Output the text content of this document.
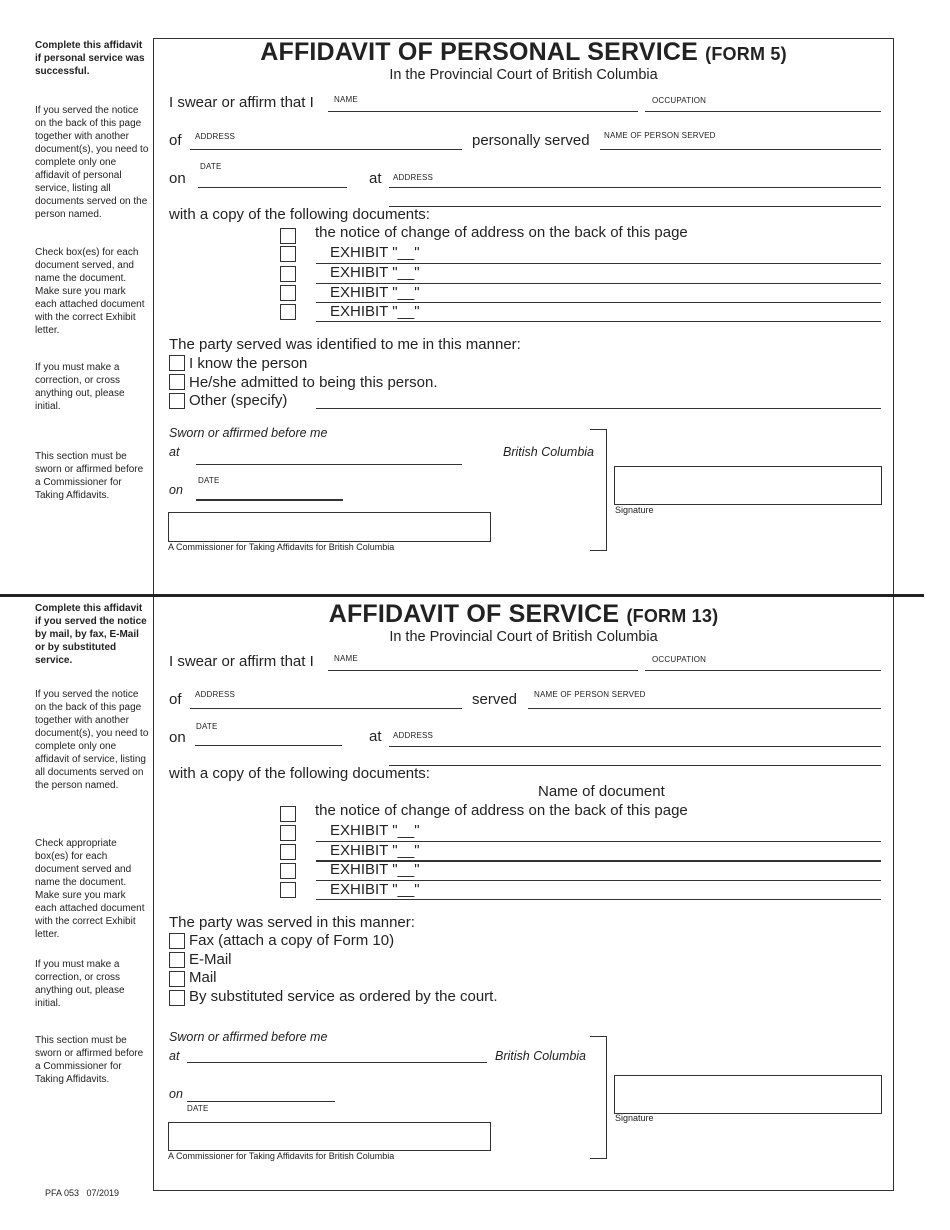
Complete this affidavit if personal service was successful.
If you served the notice on the back of this page together with another document(s), you need to complete only one affidavit of personal service, listing all documents served on the person named.
Check box(es) for each document served, and name the document. Make sure you mark each attached document with the correct Exhibit letter.
If you must make a correction, or cross anything out, please initial.
This section must be sworn or affirmed before a Commissioner for Taking Affidavits.
AFFIDAVIT OF PERSONAL SERVICE (FORM 5)
In the Provincial Court of British Columbia
I swear or affirm that I	NAME	OCCUPATION
of ADDRESS	personally served NAME OF PERSON SERVED
on
DATE
at ADDRESS
with a copy of the following documents:
the notice of change of address on the back of this page
EXHIBIT "__"
EXHIBIT "__"
EXHIBIT "__"
EXHIBIT "__"
The party served was identified to me in this manner:
I know the person
He/she admitted to being this person.
Other (specify)
Sworn or affirmed before me
at	British Columbia
on
DATE
A Commissioner for Taking Affidavits for British Columbia
Signature
Complete this affidavit if you served the notice by mail, by fax, E-Mail or by substituted service.
If you served the notice on the back of this page together with another document(s), you need to complete only one affidavit of service, listing all documents served on the person named.
Check appropriate box(es) for each document served and name the document. Make sure you mark each attached document with the correct Exhibit letter.
If you must make a correction, or cross anything out, please initial.
This section must be sworn or affirmed before a Commissioner for Taking Affidavits.
AFFIDAVIT OF SERVICE (FORM 13)
In the Provincial Court of British Columbia
I swear or affirm that I	NAME	OCCUPATION
of ADDRESS	served NAME OF PERSON SERVED
on
DATE
at ADDRESS
with a copy of the following documents:
Name of document
the notice of change of address on the back of this page
EXHIBIT "__"
EXHIBIT "__"
EXHIBIT "__"
EXHIBIT "__"
The party was served in this manner:
Fax (attach a copy of Form 10)
E-Mail
Mail
By substituted service as ordered by the court.
Sworn or affirmed before me
at	British Columbia
on
DATE
A Commissioner for Taking Affidavits for British Columbia
Signature
PFA 053   07/2019
